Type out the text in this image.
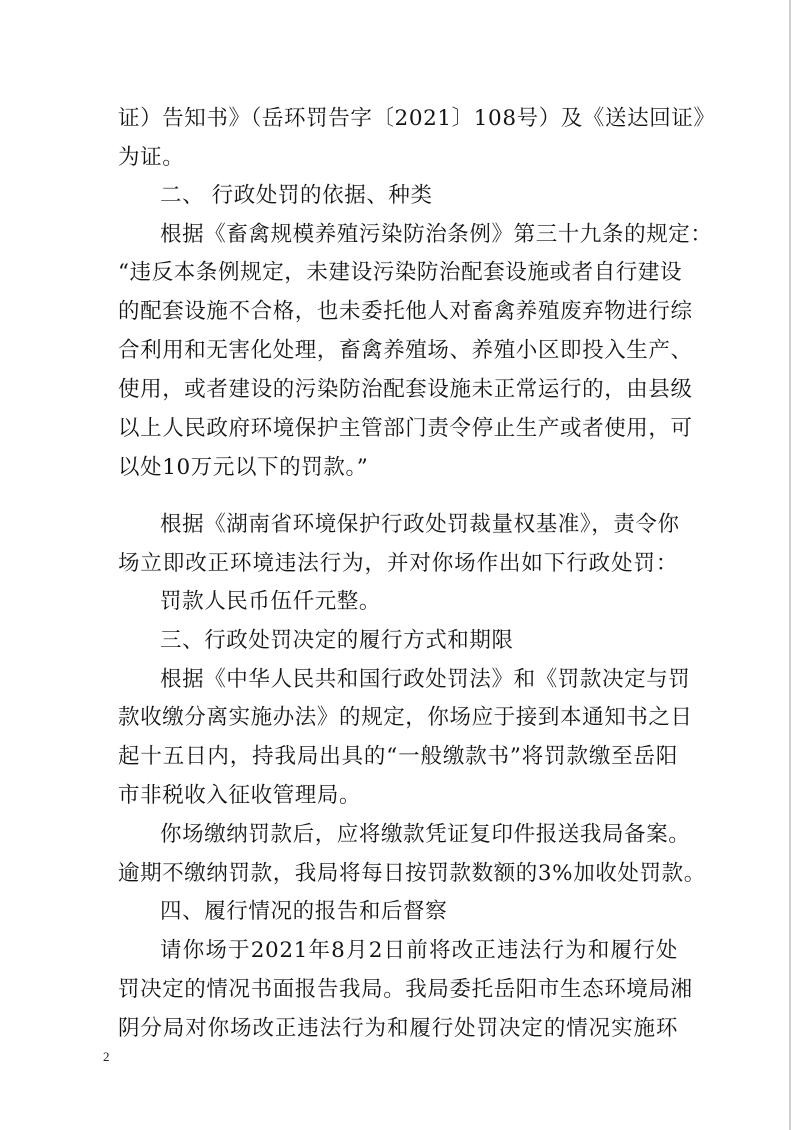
证）告知书》（岳环罚告字〔2021〕108号）及《送达回证》
为证。
二、 行政处罚的依据、种类
根据《畜禽规模养殖污染防治条例》第三十九条的规定：
“违反本条例规定，未建设污染防治配套设施或者自行建设
的配套设施不合格，也未委托他人对畜禽养殖废弃物进行综
合利用和无害化处理，畜禽养殖场、养殖小区即投入生产、
使用，或者建设的污染防治配套设施未正常运行的，由县级
以上人民政府环境保护主管部门责令停止生产或者使用，可
以处10万元以下的罚款。”
根据《湖南省环境保护行政处罚裁量权基准》，责令你
场立即改正环境违法行为，并对你场作出如下行政处罚：
罚款人民币伍仟元整。
三、行政处罚决定的履行方式和期限
根据《中华人民共和国行政处罚法》和《罚款决定与罚
款收缴分离实施办法》的规定，你场应于接到本通知书之日
起十五日内，持我局出具的“一般缴款书”将罚款缴至岳阳
市非税收入征收管理局。
你场缴纳罚款后，应将缴款凭证复印件报送我局备案。
逾期不缴纳罚款，我局将每日按罚款数额的3%加收处罚款。
四、履行情况的报告和后督察
请你场于2021年8月2日前将改正违法行为和履行处
罚决定的情况书面报告我局。我局委托岳阳市生态环境局湘
阴分局对你场改正违法行为和履行处罚决定的情况实施环
2
